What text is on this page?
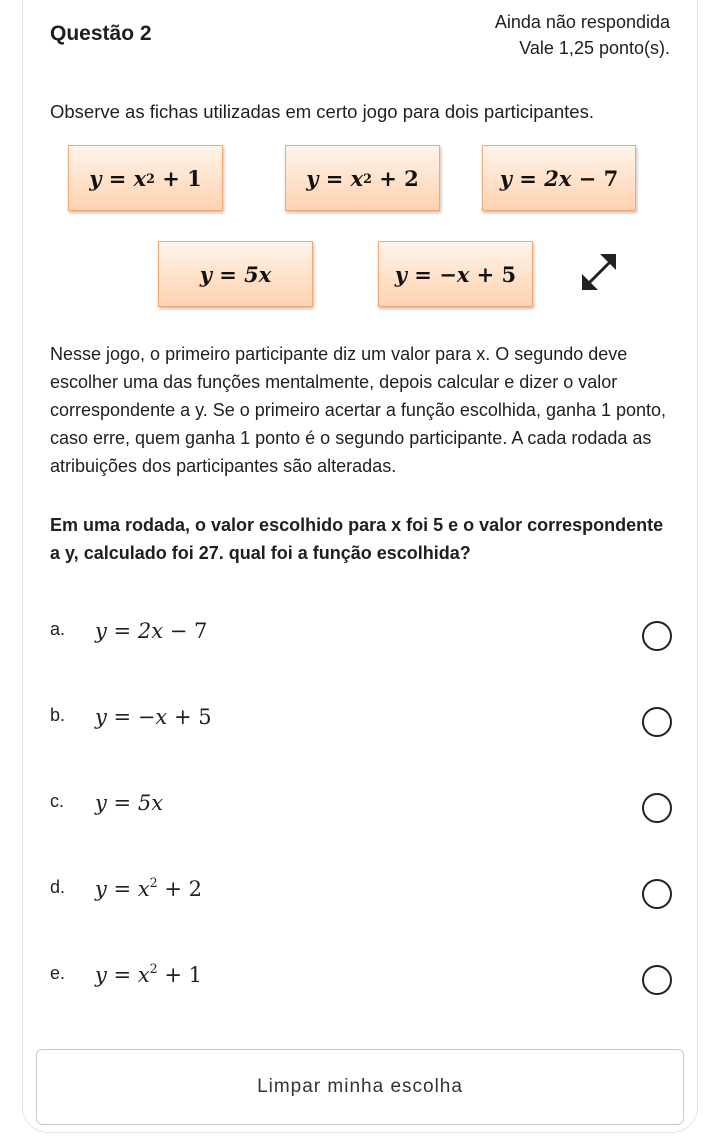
Questão 2	Ainda não respondida
Vale 1,25 ponto(s).
Observe as fichas utilizadas em certo jogo para dois participantes.
y = x 2 + 1	y = x 2 + 2	y = 2x − 7
y = 5x	y = −x + 5
Nesse jogo, o primeiro participante diz um valor para x. O segundo deve escolher uma das funções mentalmente, depois calcular e dizer o valor correspondente a y. Se o primeiro acertar a função escolhida, ganha 1 ponto, caso erre, quem ganha 1 ponto é o segundo participante. A cada rodada as atribuições dos participantes são alteradas.
Em uma rodada, o valor escolhido para x foi 5 e o valor correspondente a y, calculado foi 27. qual foi a função escolhida?
a. y = 2x − 7
b. y = −x + 5
c. y = 5x
d. $y = x^2 + 2$
e. $y = x^2 + 1$
Limpar minha escolha
